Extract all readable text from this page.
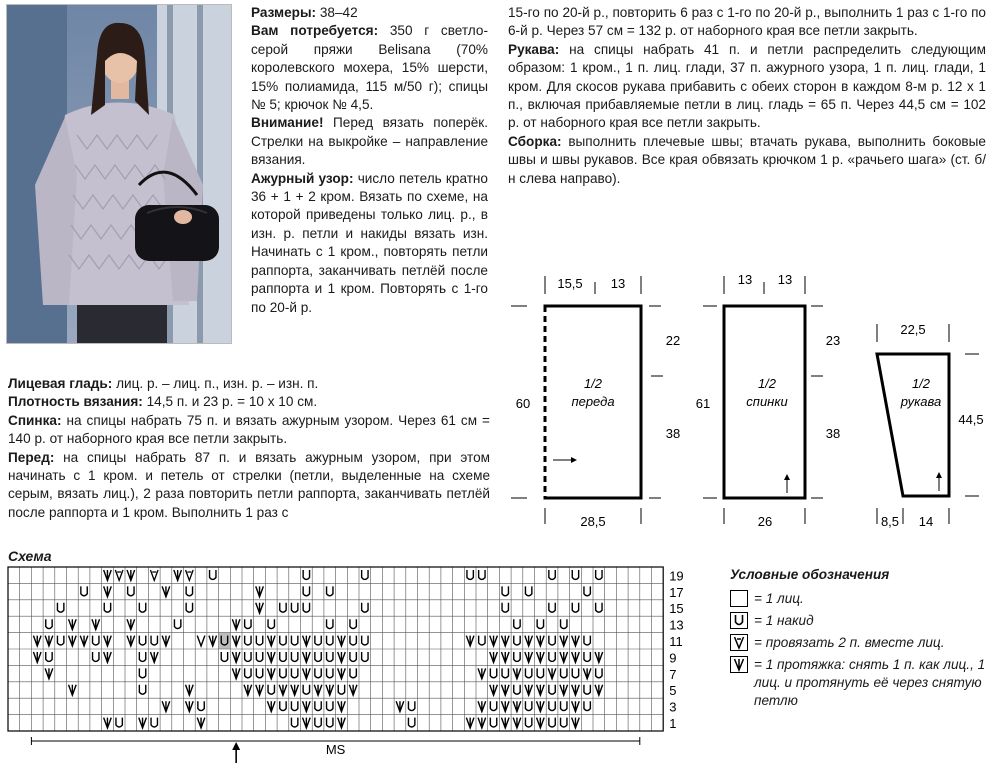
Размеры: 38–42

Вам потребуется: 350 г светло-серой пряжи Belisana (70% королевского мохера, 15% шерсти, 15% полиамида, 115 м/50 г); спицы № 5; крючок № 4,5.

Внимание! Перед вязать поперёк. Стрелки на выкройке – направление вязания.

Ажурный узор: число петель кратно 36 + 1 + 2 кром. Вязать по схеме, на которой приведены только лиц. р., в изн. р. петли и накиды вязать изн. Начинать с 1 кром., повторять петли раппорта, заканчивать петлёй после раппорта и 1 кром. Повторять с 1-го по 20-й р.

Лицевая гладь: лиц. р. – лиц. п., изн. р. – изн. п.

Плотность вязания: 14,5 п. и 23 р. = 10 х 10 см.

Спинка: на спицы набрать 75 п. и вязать ажурным узором. Через 61 см = 140 р. от наборного края все петли закрыть.

Перед: на спицы набрать 87 п. и вязать ажурным узором, при этом начинать с 1 кром. и петель от стрелки (петли, выделенные на схеме серым, вязать лиц.), 2 раза повторить петли раппорта, заканчивать петлёй после раппорта и 1 кром. Выполнить 1 раз с

15-го по 20-й р., повторить 6 раз с 1-го по 20-й р., выполнить 1 раз с 1-го по 6-й р. Через 57 см = 132 р. от наборного края все петли закрыть.

Рукава: на спицы набрать 41 п. и петли распределить следующим образом: 1 кром., 1 п. лиц. глади, 37 п. ажурного узора, 1 п. лиц. глади, 1 кром. Для скосов рукава прибавить с обеих сторон в каждом 8-м р. 12 х 1 п., включая прибавляемые петли в лиц. гладь = 65 п. Через 44,5 см = 102 р. от наборного края все петли закрыть.

Сборка: выполнить плечевые швы; втачать рукава, выполнить боковые швы и швы рукавов. Все края обвязать крючком 1 р. «рачьего шага» (ст. б/н слева направо).

15,5 13
22
38
60
28,5
1/2
переда
13 13
23
38
61
26
1/2
спинки
22,5
44,5
8,5 14
1/2
рукава
Схема
19
17
15
13
11
9
7
5
3
1
MS
Условные обозначения
= 1 лиц.
= 1 накид
= провязать 2 п. вместе лиц.
= 1 протяжка: снять 1 п. как лиц., 1 лиц. и протянуть её через снятую петлю
